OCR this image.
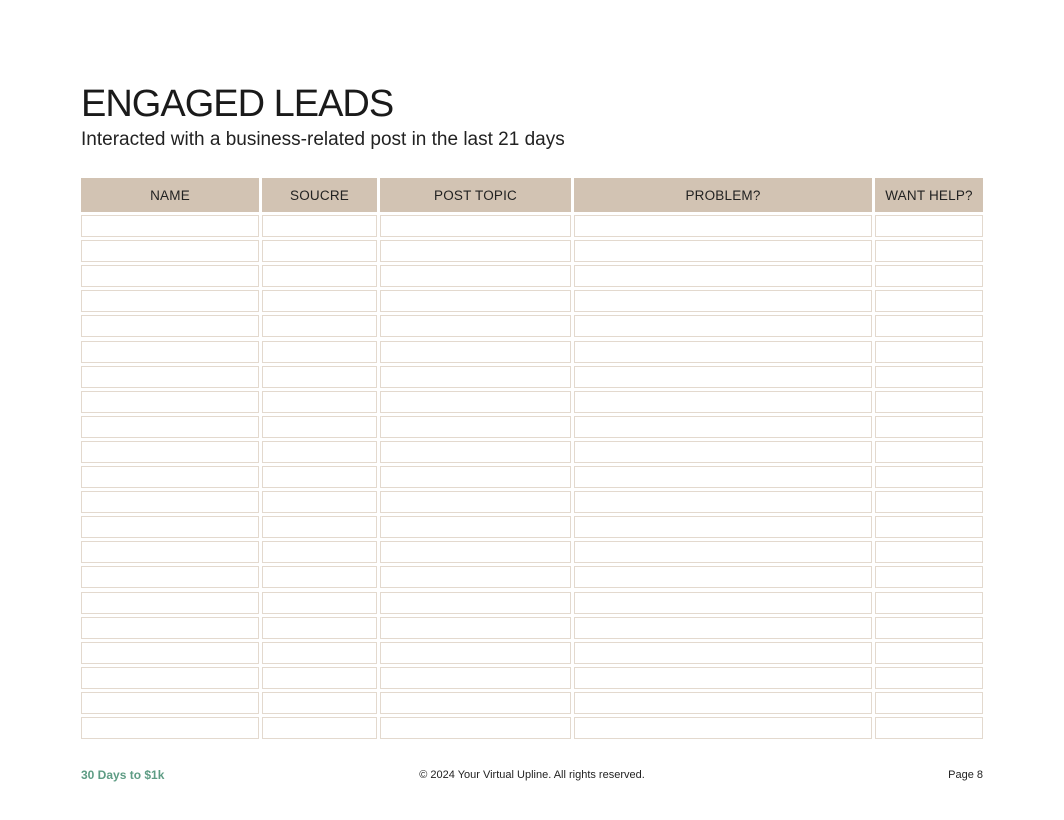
ENGAGED LEADS

Interacted with a business-related post in the last 21 days

NAME	SOUCRE	POST TOPIC	PROBLEM?	WANT HELP?
30 Days to $1k	© 2024 Your Virtual Upline. All rights reserved.	Page 8
